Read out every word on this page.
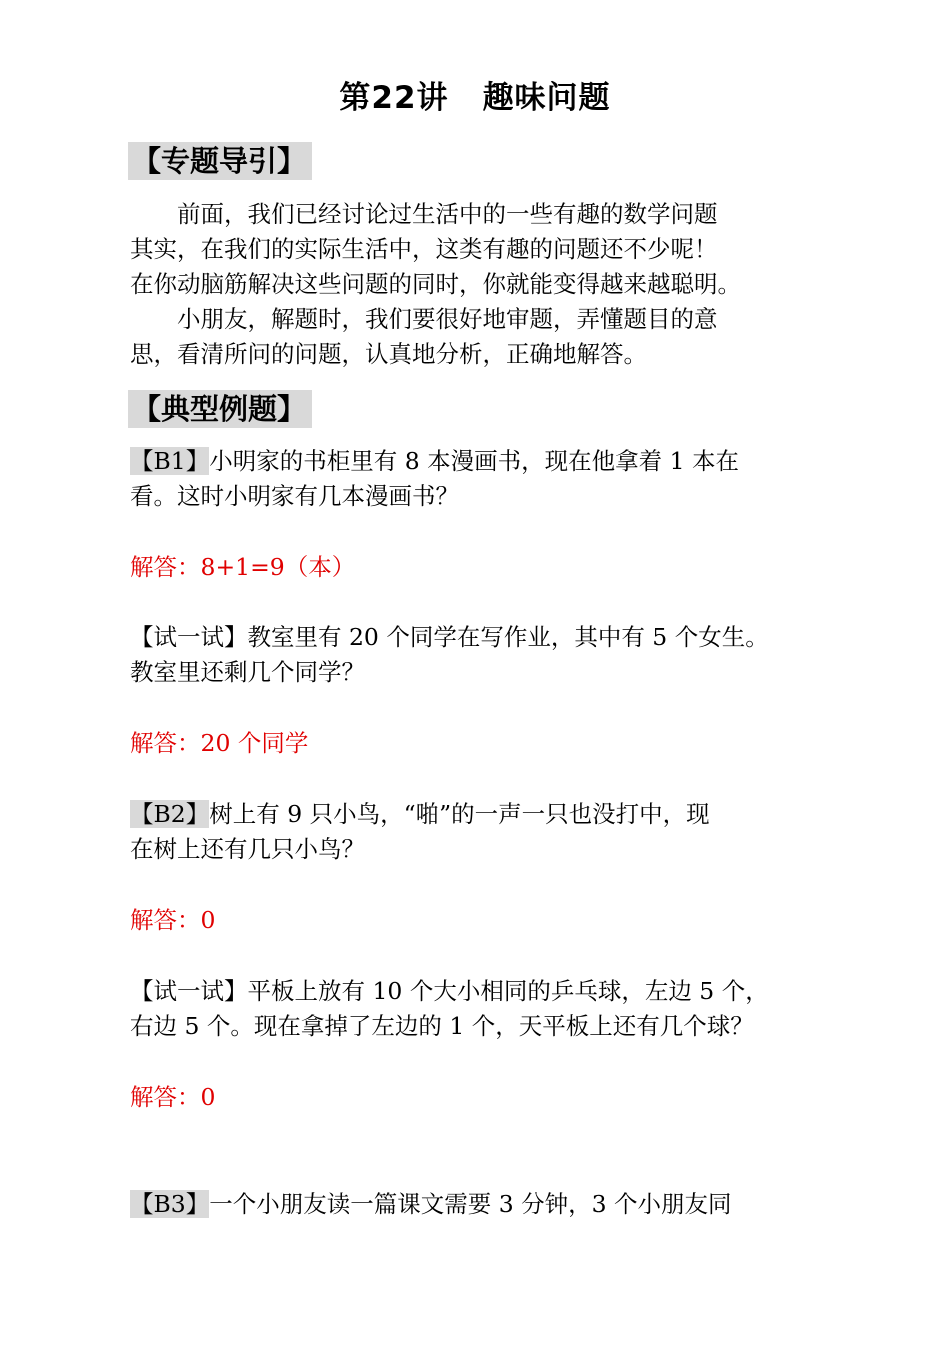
第22讲 趣味问题
【专题导引】
前面，我们已经讨论过生活中的一些有趣的数学问题
其实，在我们的实际生活中，这类有趣的问题还不少呢！
在你动脑筋解决这些问题的同时，你就能变得越来越聪明。
小朋友，解题时，我们要很好地审题，弄懂题目的意
思，看清所问的问题，认真地分析，正确地解答。
【典型例题】
【B1】小明家的书柜里有 8 本漫画书，现在他拿着 1 本在
看。这时小明家有几本漫画书？
解答：8+1=9（本）
【试一试】教室里有 20 个同学在写作业，其中有 5 个女生。
教室里还剩几个同学？
解答：20 个同学
【B2】树上有 9 只小鸟，“啪”的一声一只也没打中，现
在树上还有几只小鸟？
解答：0
【试一试】平板上放有 10 个大小相同的乒乓球，左边 5 个，
右边 5 个。现在拿掉了左边的 1 个，天平板上还有几个球？
解答：0
【B3】一个小朋友读一篇课文需要 3 分钟，3 个小朋友同
